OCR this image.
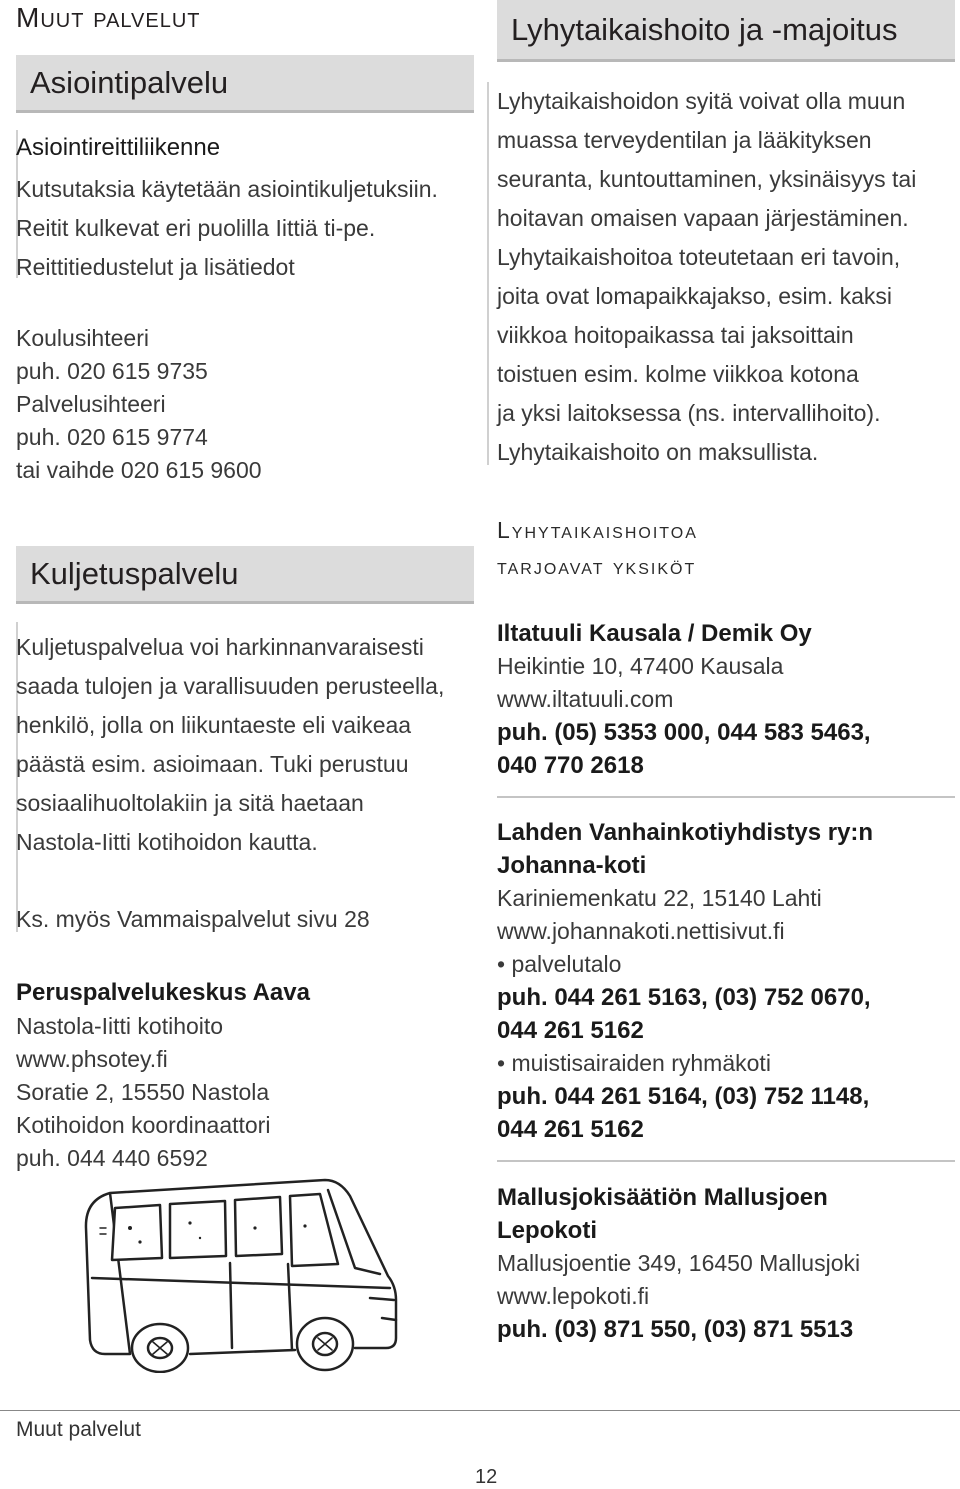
Muut palvelut
Asiointipalvelu
Asiointireittiliikenne
Kutsutaksia käytetään asiointikuljetuksiin.
Reitit kulkevat eri puolilla Iittiä ti-pe.
Reittitiedustelut ja lisätiedot
Koulusihteeri
puh. 020 615 9735
Palvelusihteeri
puh. 020 615 9774
tai vaihde 020 615 9600
Kuljetuspalvelu
Kuljetuspalvelua voi harkinnanvaraisesti
saada tulojen ja varallisuuden perusteella,
henkilö, jolla on liikuntaeste eli vaikeaa
päästä esim. asioimaan. Tuki perustuu
sosiaalihuoltolakiin ja sitä haetaan
Nastola-Iitti kotihoidon kautta.
Ks. myös Vammaispalvelut sivu 28
Peruspalvelukeskus Aava
Nastola-Iitti kotihoito
www.phsotey.fi
Soratie 2, 15550 Nastola
Kotihoidon koordinaattori
puh. 044 440 6592
Lyhytaikaishoito ja -majoitus
Lyhytaikaishoidon syitä voivat olla muun
muassa terveydentilan ja lääkityksen
seuranta, kuntouttaminen, yksinäisyys tai
hoitavan omaisen vapaan järjestäminen.
Lyhytaikaishoitoa toteutetaan eri tavoin,
joita ovat lomapaikkajakso, esim. kaksi
viikkoa hoitopaikassa tai jaksoittain
toistuen esim. kolme viikkoa kotona
ja yksi laitoksessa (ns. intervallihoito).
Lyhytaikaishoito on maksullista.
Lyhytaikaishoitoa
tarjoavat yksiköt
Iltatuuli Kausala / Demik Oy
Heikintie 10, 47400 Kausala
www.iltatuuli.com
puh. (05) 5353 000, 044 583 5463,
040 770 2618
Lahden Vanhainkotiyhdistys ry:n
Johanna-koti
Kariniemenkatu 22, 15140 Lahti
www.johannakoti.nettisivut.fi
• palvelutalo
puh. 044 261 5163, (03) 752 0670,
044 261 5162
• muistisairaiden ryhmäkoti
puh. 044 261 5164, (03) 752 1148,
044 261 5162
Mallusjokisäätiön Mallusjoen
Lepokoti
Mallusjoentie 349, 16450 Mallusjoki
www.lepokoti.fi
puh. (03) 871 550, (03) 871 5513
Muut palvelut
12
